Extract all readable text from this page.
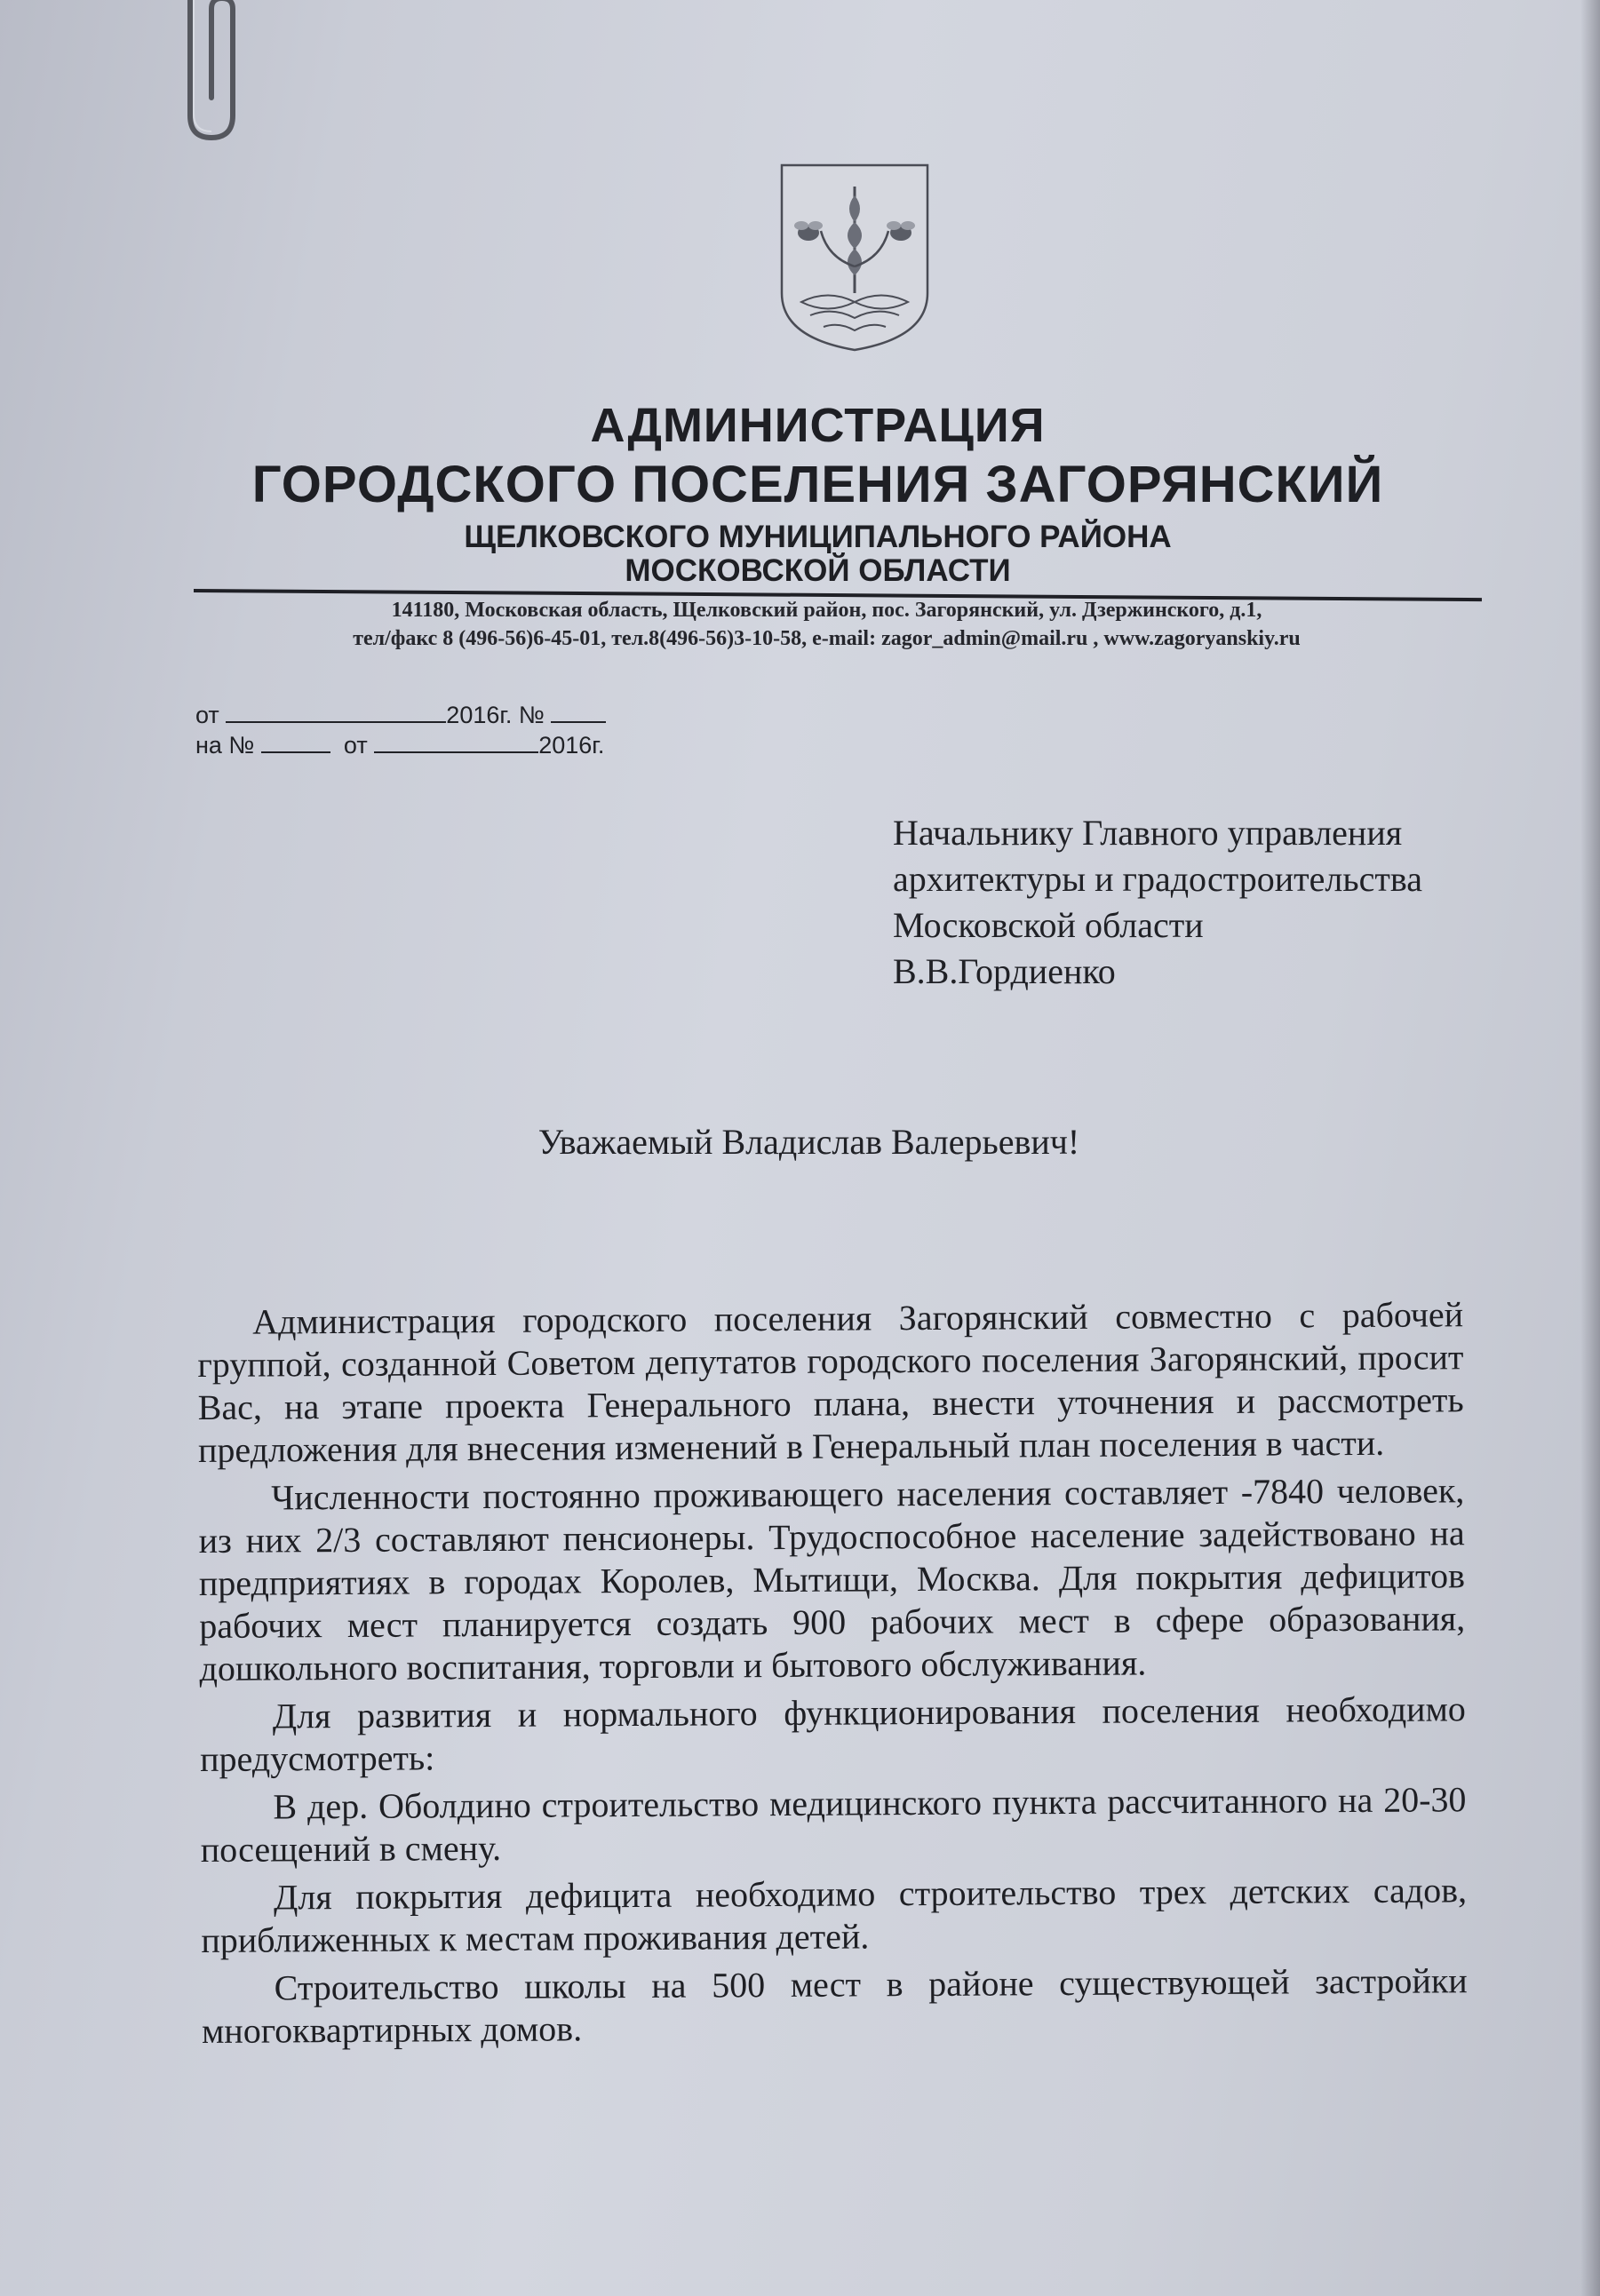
АДМИНИСТРАЦИЯ
ГОРОДСКОГО ПОСЕЛЕНИЯ ЗАГОРЯНСКИЙ
ЩЕЛКОВСКОГО МУНИЦИПАЛЬНОГО РАЙОНА
МОСКОВСКОЙ ОБЛАСТИ
141180, Московская область, Щелковский район, пос. Загорянский, ул. Дзержинского, д.1,
тел/факс 8 (496-56)6-45-01, тел.8(496-56)3-10-58, e-mail: zagor_admin@mail.ru , www.zagoryanskiy.ru
от	2016г. №
на №	от	2016г.
Начальнику Главного управления
архитектуры и градостроительства
Московской области
В.В.Гордиенко
Уважаемый Владислав Валерьевич!

Администрация городского поселения Загорянский совместно с рабочей группой, созданной Советом депутатов городского поселения Загорянский, просит Вас, на этапе проекта Генерального плана, внести уточнения и рассмотреть предложения для внесения изменений в Генеральный план поселения в части.

Численности постоянно проживающего населения составляет -7840 человек, из них 2/3 составляют пенсионеры. Трудоспособное население задействовано на предприятиях в городах Королев, Мытищи, Москва. Для покрытия дефицитов рабочих мест планируется создать 900 рабочих мест в сфере образования, дошкольного воспитания, торговли и бытового обслуживания.

Для развития и нормального функционирования поселения необходимо предусмотреть:

В дер. Оболдино строительство медицинского пункта рассчитанного на 20-30 посещений в смену.

Для покрытия дефицита необходимо строительство трех детских садов, приближенных к местам проживания детей.

Строительство школы на 500 мест в районе существующей застройки многоквартирных домов.
